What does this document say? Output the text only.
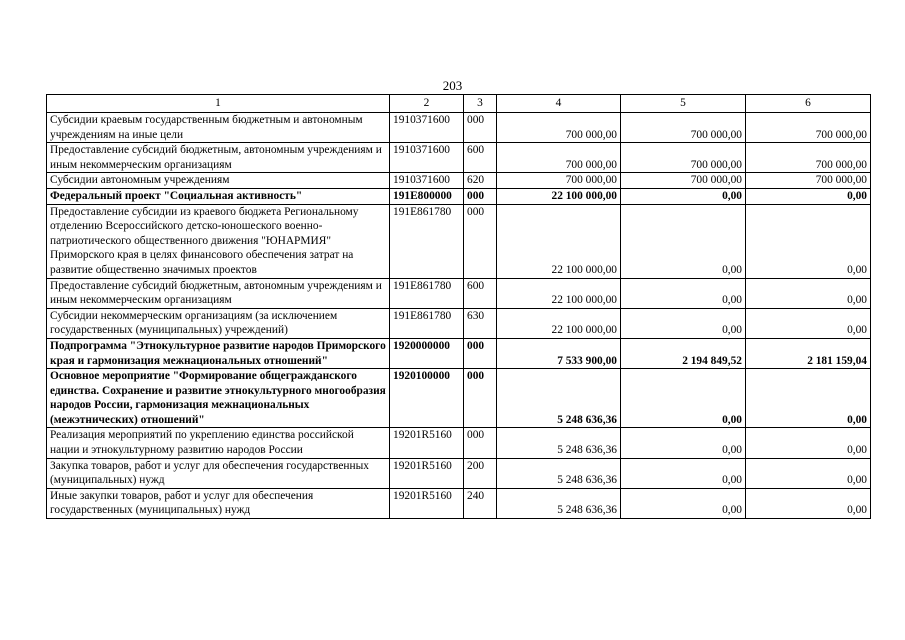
203
1	2	3	4	5	6
Субсидии краевым государственным бюджетным и автономным учреждениям на иные цели	1910371600	000	700 000,00	700 000,00	700 000,00
Предоставление субсидий бюджетным, автономным учреждениям и иным некоммерческим организациям	1910371600	600	700 000,00	700 000,00	700 000,00
Субсидии автономным учреждениям	1910371600	620	700 000,00	700 000,00	700 000,00
Федеральный проект "Социальная активность"	191E800000	000	22 100 000,00	0,00	0,00
Предоставление субсидии из краевого бюджета Региональному отделению Всероссийского детско-юношеского военно-патриотического общественного движения "ЮНАРМИЯ" Приморского края в целях финансового обеспечения затрат на развитие общественно значимых проектов	191E861780	000	22 100 000,00	0,00	0,00
Предоставление субсидий бюджетным, автономным учреждениям и иным некоммерческим организациям	191E861780	600	22 100 000,00	0,00	0,00
Субсидии некоммерческим организациям (за исключением государственных (муниципальных) учреждений)	191E861780	630	22 100 000,00	0,00	0,00
Подпрограмма "Этнокультурное развитие народов Приморского края и гармонизация межнациональных отношений"	1920000000	000	7 533 900,00	2 194 849,52	2 181 159,04
Основное мероприятие "Формирование общегражданского единства. Сохранение и развитие этнокультурного многообразия народов России, гармонизация межнациональных (межэтнических) отношений"	1920100000	000	5 248 636,36	0,00	0,00
Реализация мероприятий по укреплению единства российской нации и этнокультурному развитию народов России	19201R5160	000	5 248 636,36	0,00	0,00
Закупка товаров, работ и услуг для обеспечения государственных (муниципальных) нужд	19201R5160	200	5 248 636,36	0,00	0,00
Иные закупки товаров, работ и услуг для обеспечения государственных (муниципальных) нужд	19201R5160	240	5 248 636,36	0,00	0,00
